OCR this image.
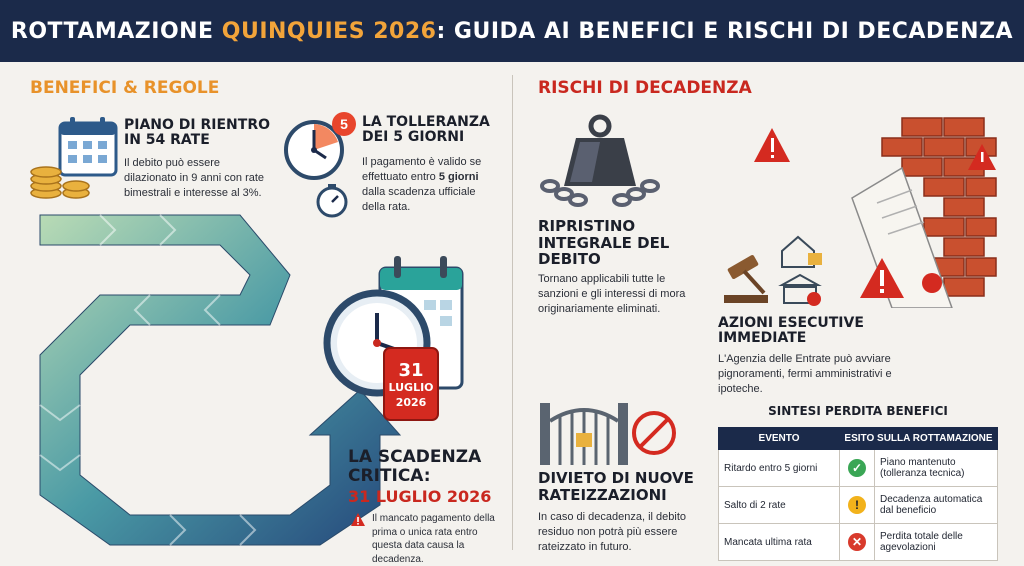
ROTTAMAZIONE QUINQUIES 2026: GUIDA AI BENEFICI E RISCHI DI DECADENZA
BENEFICI & REGOLE
PIANO DI RIENTRO IN 54 RATE
Il debito può essere dilazionato in 9 anni con rate bimestrali e interesse al 3%.
5 LA TOLLERANZA DEI 5 GIORNI
Il pagamento è valido se effettuato entro 5 giorni dalla scadenza ufficiale della rata.
31
LUGLIO
2026
LA SCADENZA CRITICA:
31 LUGLIO 2026
Il mancato pagamento della prima o unica rata entro questa data causa la decadenza.
RISCHI DI DECADENZA
RIPRISTINO INTEGRALE DEL DEBITO
Tornano applicabili tutte le sanzioni e gli interessi di mora originariamente eliminati.
AZIONI ESECUTIVE IMMEDIATE
L'Agenzia delle Entrate può avviare pignoramenti, fermi amministrativi e ipoteche.
DIVIETO DI NUOVE RATEIZZAZIONI
In caso di decadenza, il debito residuo non potrà più essere rateizzato in futuro.
SINTESI PERDITA BENEFICI
EVENTO	ESITO SULLA ROTTAMAZIONE	
Ritardo entro 5 giorni	✓	Piano mantenuto (tolleranza tecnica)
Salto di 2 rate	!	Decadenza automatica dal beneficio
Mancata ultima rata	✕	Perdita totale delle agevolazioni
